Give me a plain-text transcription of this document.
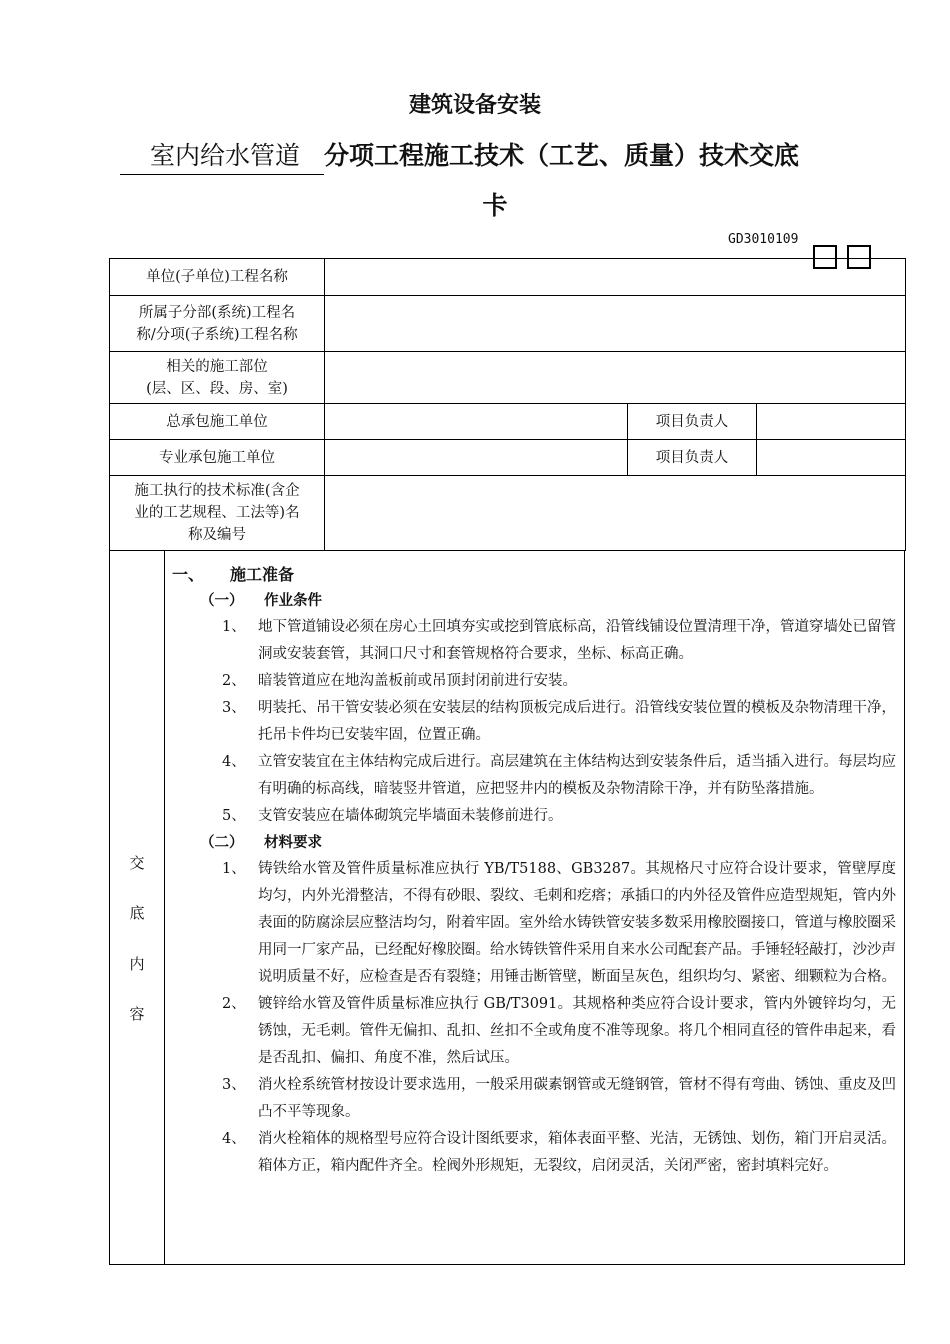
建筑设备安装
室内给水管道 分项工程施工技术（工艺、质量）技术交底
卡
GD3010109
单位(子单位)工程名称			

所属子分部(系统)工程名
称/分项(子系统)工程名称			

相关的施工部位
(层、区、段、房、室)			

总承包施工单位		项目负责人	
专业承包施工单位		项目负责人	

施工执行的技术标准(含企
业的工艺规程、工法等)名
称及编号			

交
底
内
容
一、 施工准备
（一） 作业条件
1、 地下管道铺设必须在房心土回填夯实或挖到管底标高，沿管线铺设位置清理干净，管道穿墙处已留管洞或安装套管，其洞口尺寸和套管规格符合要求，坐标、标高正确。
2、 暗装管道应在地沟盖板前或吊顶封闭前进行安装。
3、 明装托、吊干管安装必须在安装层的结构顶板完成后进行。沿管线安装位置的模板及杂物清理干净，托吊卡件均已安装牢固，位置正确。
4、 立管安装宜在主体结构完成后进行。高层建筑在主体结构达到安装条件后，适当插入进行。每层均应有明确的标高线，暗装竖井管道，应把竖井内的模板及杂物清除干净，并有防坠落措施。
5、 支管安装应在墙体砌筑完毕墙面未装修前进行。
（二） 材料要求
1、 铸铁给水管及管件质量标准应执行 YB/T5188、GB3287。其规格尺寸应符合设计要求，管壁厚度均匀，内外光滑整洁，不得有砂眼、裂纹、毛刺和疙瘩；承插口的内外径及管件应造型规矩，管内外表面的防腐涂层应整洁均匀，附着牢固。室外给水铸铁管安装多数采用橡胶圈接口，管道与橡胶圈采用同一厂家产品，已经配好橡胶圈。给水铸铁管件采用自来水公司配套产品。手锤轻轻敲打，沙沙声说明质量不好，应检查是否有裂缝；用锤击断管壁，断面呈灰色，组织均匀、紧密、细颗粒为合格。
2、 镀锌给水管及管件质量标准应执行 GB/T3091。其规格种类应符合设计要求，管内外镀锌均匀，无锈蚀，无毛刺。管件无偏扣、乱扣、丝扣不全或角度不准等现象。将几个相同直径的管件串起来，看是否乱扣、偏扣、角度不准，然后试压。
3、 消火栓系统管材按设计要求选用，一般采用碳素钢管或无缝钢管，管材不得有弯曲、锈蚀、重皮及凹凸不平等现象。
4、 消火栓箱体的规格型号应符合设计图纸要求，箱体表面平整、光洁，无锈蚀、划伤，箱门开启灵活。箱体方正，箱内配件齐全。栓阀外形规矩，无裂纹，启闭灵活，关闭严密，密封填料完好。
